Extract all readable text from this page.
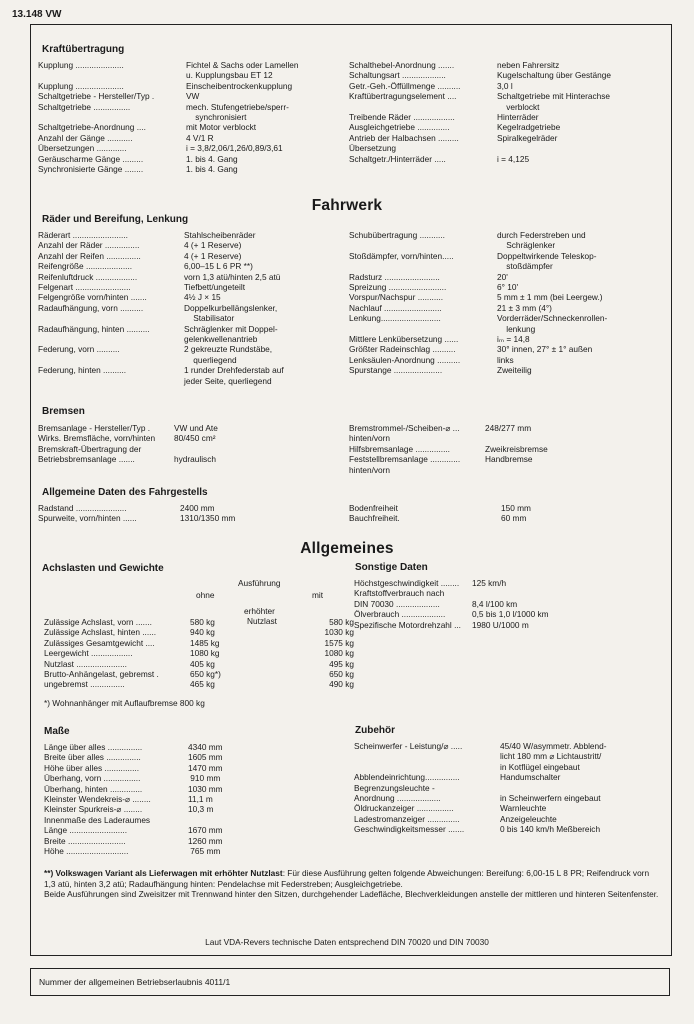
13.148 VW
Kraftübertragung
Kupplung .....................	Fichtel & Sachs oder Lamellen
u. Kupplungsbau ET 12
Kupplung .....................	Einscheibentrockenkupplung
Schaltgetriebe - Hersteller/Typ .	VW
Schaltgetriebe ................	mech. Stufengetriebe/sperr-
synchronisiert
Schaltgetriebe-Anordnung ....	mit Motor verblockt
Anzahl der Gänge ...........	4 V/1 R
Übersetzungen .............	i = 3,8/2,06/1,26/0,89/3,61
Geräuscharme Gänge .........	1. bis 4. Gang
Synchronisierte Gänge ........	1. bis 4. Gang
Schalthebel-Anordnung .......	neben Fahrersitz
Schaltungsart ...................	Kugelschaltung über Gestänge
Getr.-Geh.-Öffüllmenge ..........	3,0 l
Kraftübertragungselement ....	Schaltgetriebe mit Hinterachse
verblockt
Treibende Räder ..................	Hinterräder
Ausgleichgetriebe ..............	Kegelradgetriebe
Antrieb der Halbachsen .........	Spiralkegelräder
Übersetzung
Schaltgetr./Hinterräder .....	i = 4,125
Fahrwerk
Räder und Bereifung, Lenkung
Räderart ........................	Stahlscheibenräder
Anzahl der Räder ...............	4 (+ 1 Reserve)
Anzahl der Reifen ...............	4 (+ 1 Reserve)
Reifengröße ....................	6,00–15 L 6 PR **)
Reifenluftdruck ..................	vorn 1,3 atü/hinten 2,5 atü
Felgenart ........................	Tiefbett/ungeteilt
Felgengröße vorn/hinten .......	4½ J × 15
Radaufhängung, vorn ..........	Doppelkurbellängslenker,
Stabilisator
Radaufhängung, hinten ..........	Schräglenker mit Doppel-
gelenkwellenantrieb
Federung, vorn ..........	2 gekreuzte Rundstäbe,
querliegend
Federung, hinten ..........	1 runder Drehfederstab auf
jeder Seite, querliegend
Schubübertragung ...........	durch Federstreben und
Schräglenker
Stoßdämpfer, vorn/hinten.....	Doppeltwirkende Teleskop-
stoßdämpfer
Radsturz ........................	20'
Spreizung .........................	6° 10'
Vorspur/Nachspur ...........	5 mm ± 1 mm (bei Leergew.)
Nachlauf .........................	21 ± 3 mm (4°)
Lenkung..........................	Vorderräder/Schneckenrollen-
lenkung
Mittlere Lenkübersetzung ......	iₘ = 14,8
Größter Radeinschlag ..........	30° innen, 27° ± 1° außen
Lenksäulen-Anordnung ..........	links
Spurstange .....................	Zweiteilig
Bremsen
Bremsanlage - Hersteller/Typ .	VW und Ate
Wirks. Bremsfläche, vorn/hinten	80/450 cm²
Bremskraft-Übertragung der
Betriebsbremsanlage .......	hydraulisch
Bremstrommel-/Scheiben-⌀ ...	248/277 mm
hinten/vorn
Hilfsbremsanlage ...............	Zweikreisbremse
Feststellbremsanlage .............	Handbremse
hinten/vorn
Allgemeine Daten des Fahrgestells
Radstand ......................	2400 mm
Spurweite, vorn/hinten ......	1310/1350 mm
Bodenfreiheit	150 mm
Bauchfreiheit.	60 mm
Allgemeines
Achslasten und Gewichte
Ausführung
ohne	mit
erhöhter
Nutzlast
Zulässige Achslast, vorn .......	580 kg	580 kg
Zulässige Achslast, hinten ......	940 kg	1030 kg
Zulässiges Gesamtgewicht ....	1485 kg	1575 kg
Leergewicht ..................	1080 kg	1080 kg
Nutzlast ......................	405 kg	495 kg
Brutto-Anhängelast, gebremst .	650 kg*)	650 kg
ungebremst ...............	465 kg	490 kg
*) Wohnanhänger mit Auflaufbremse 800 kg
Sonstige Daten
Höchstgeschwindigkeit ........	125 km/h
Kraftstoffverbrauch nach
DIN 70030 ...................	8,4 l/100 km
Ölverbrauch ...................	0,5 bis 1,0 l/1000 km
Spezifische Motordrehzahl ...	1980 U/1000 m
Maße
Länge über alles ...............	4340 mm
Breite über alles ...............	1605 mm
Höhe über alles ...............	1470 mm
Überhang, vorn ................	910 mm
Überhang, hinten ..............	1030 mm
Kleinster Wendekreis-⌀ ........	11,1 m
Kleinster Spurkreis-⌀ ........	10,3 m
Innenmaße des Laderaumes
Länge .........................	1670 mm
Breite .........................	1260 mm
Höhe ...........................	765 mm
Zubehör
Scheinwerfer - Leistung/⌀ .....	45/40 W/asymmetr. Abblend-
licht 180 mm ⌀ Lichtaustritt/
in Kotflügel eingebaut
Abblendeinrichtung...............	Handumschalter
Begrenzungsleuchte -
Anordnung ...................	in Scheinwerfern eingebaut
Öldruckanzeiger ................	Warnleuchte
Ladestromanzeiger ..............	Anzeigeleuchte
Geschwindigkeitsmesser .......	0 bis 140 km/h Meßbereich
**) Volkswagen Variant als Lieferwagen mit erhöhter Nutzlast: Für diese Ausführung gelten folgende Abweichungen: Bereifung: 6,00-15 L 8 PR; Reifendruck vorn 1,3 atü, hinten 3,2 atü; Radaufhängung hinten: Pendelachse mit Federstreben; Ausgleichgetriebe.
Beide Ausführungen sind Zweisitzer mit Trennwand hinter den Sitzen, durchgehender Ladefläche, Blechverkleidungen anstelle der mittleren und hinteren Seitenfenster.
Laut VDA-Revers technische Daten entsprechend DIN 70020 und DIN 70030
Nummer der allgemeinen Betriebserlaubnis 4011/1
